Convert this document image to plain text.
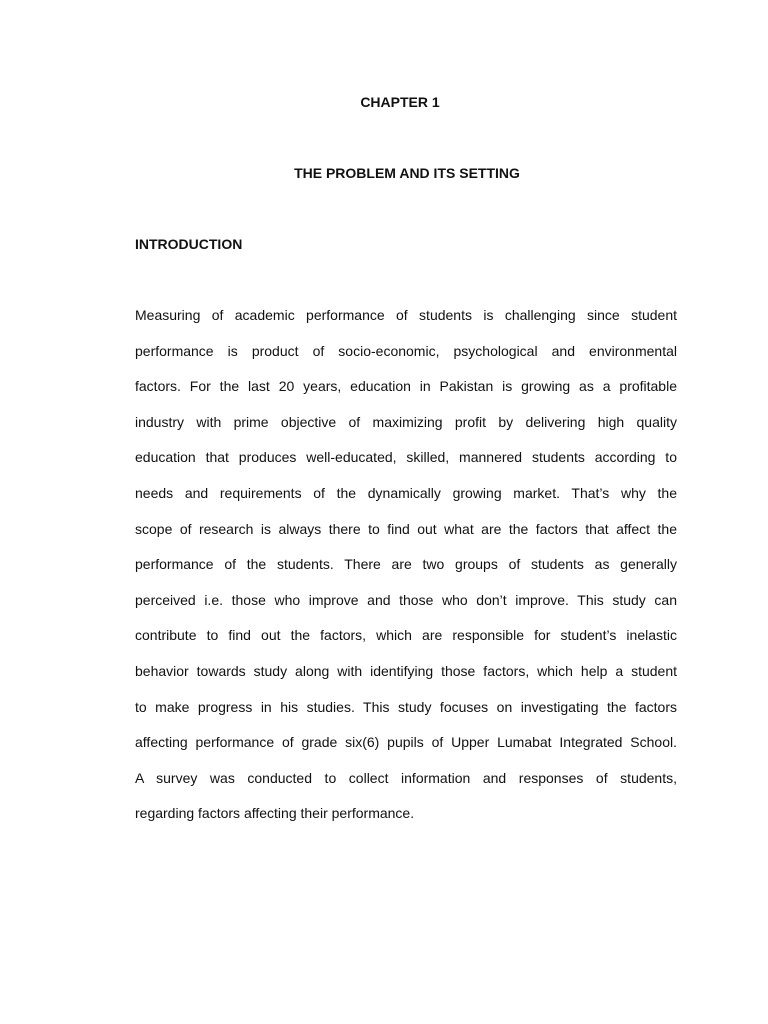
CHAPTER 1
THE PROBLEM AND ITS SETTING
INTRODUCTION

Measuring of academic performance of students is challenging since student
performance is product of socio-economic, psychological and environmental
factors. For the last 20 years, education in Pakistan is growing as a profitable
industry with prime objective of maximizing profit by delivering high quality
education that produces well-educated, skilled, mannered students according to
needs and requirements of the dynamically growing market. That’s why the
scope of research is always there to find out what are the factors that affect the
performance of the students. There are two groups of students as generally
perceived i.e. those who improve and those who don’t improve. This study can
contribute to find out the factors, which are responsible for student’s inelastic
behavior towards study along with identifying those factors, which help a student
to make progress in his studies. This study focuses on investigating the factors
affecting performance of grade six(6) pupils of Upper Lumabat Integrated School.
A survey was conducted to collect information and responses of students,
regarding factors affecting their performance.
